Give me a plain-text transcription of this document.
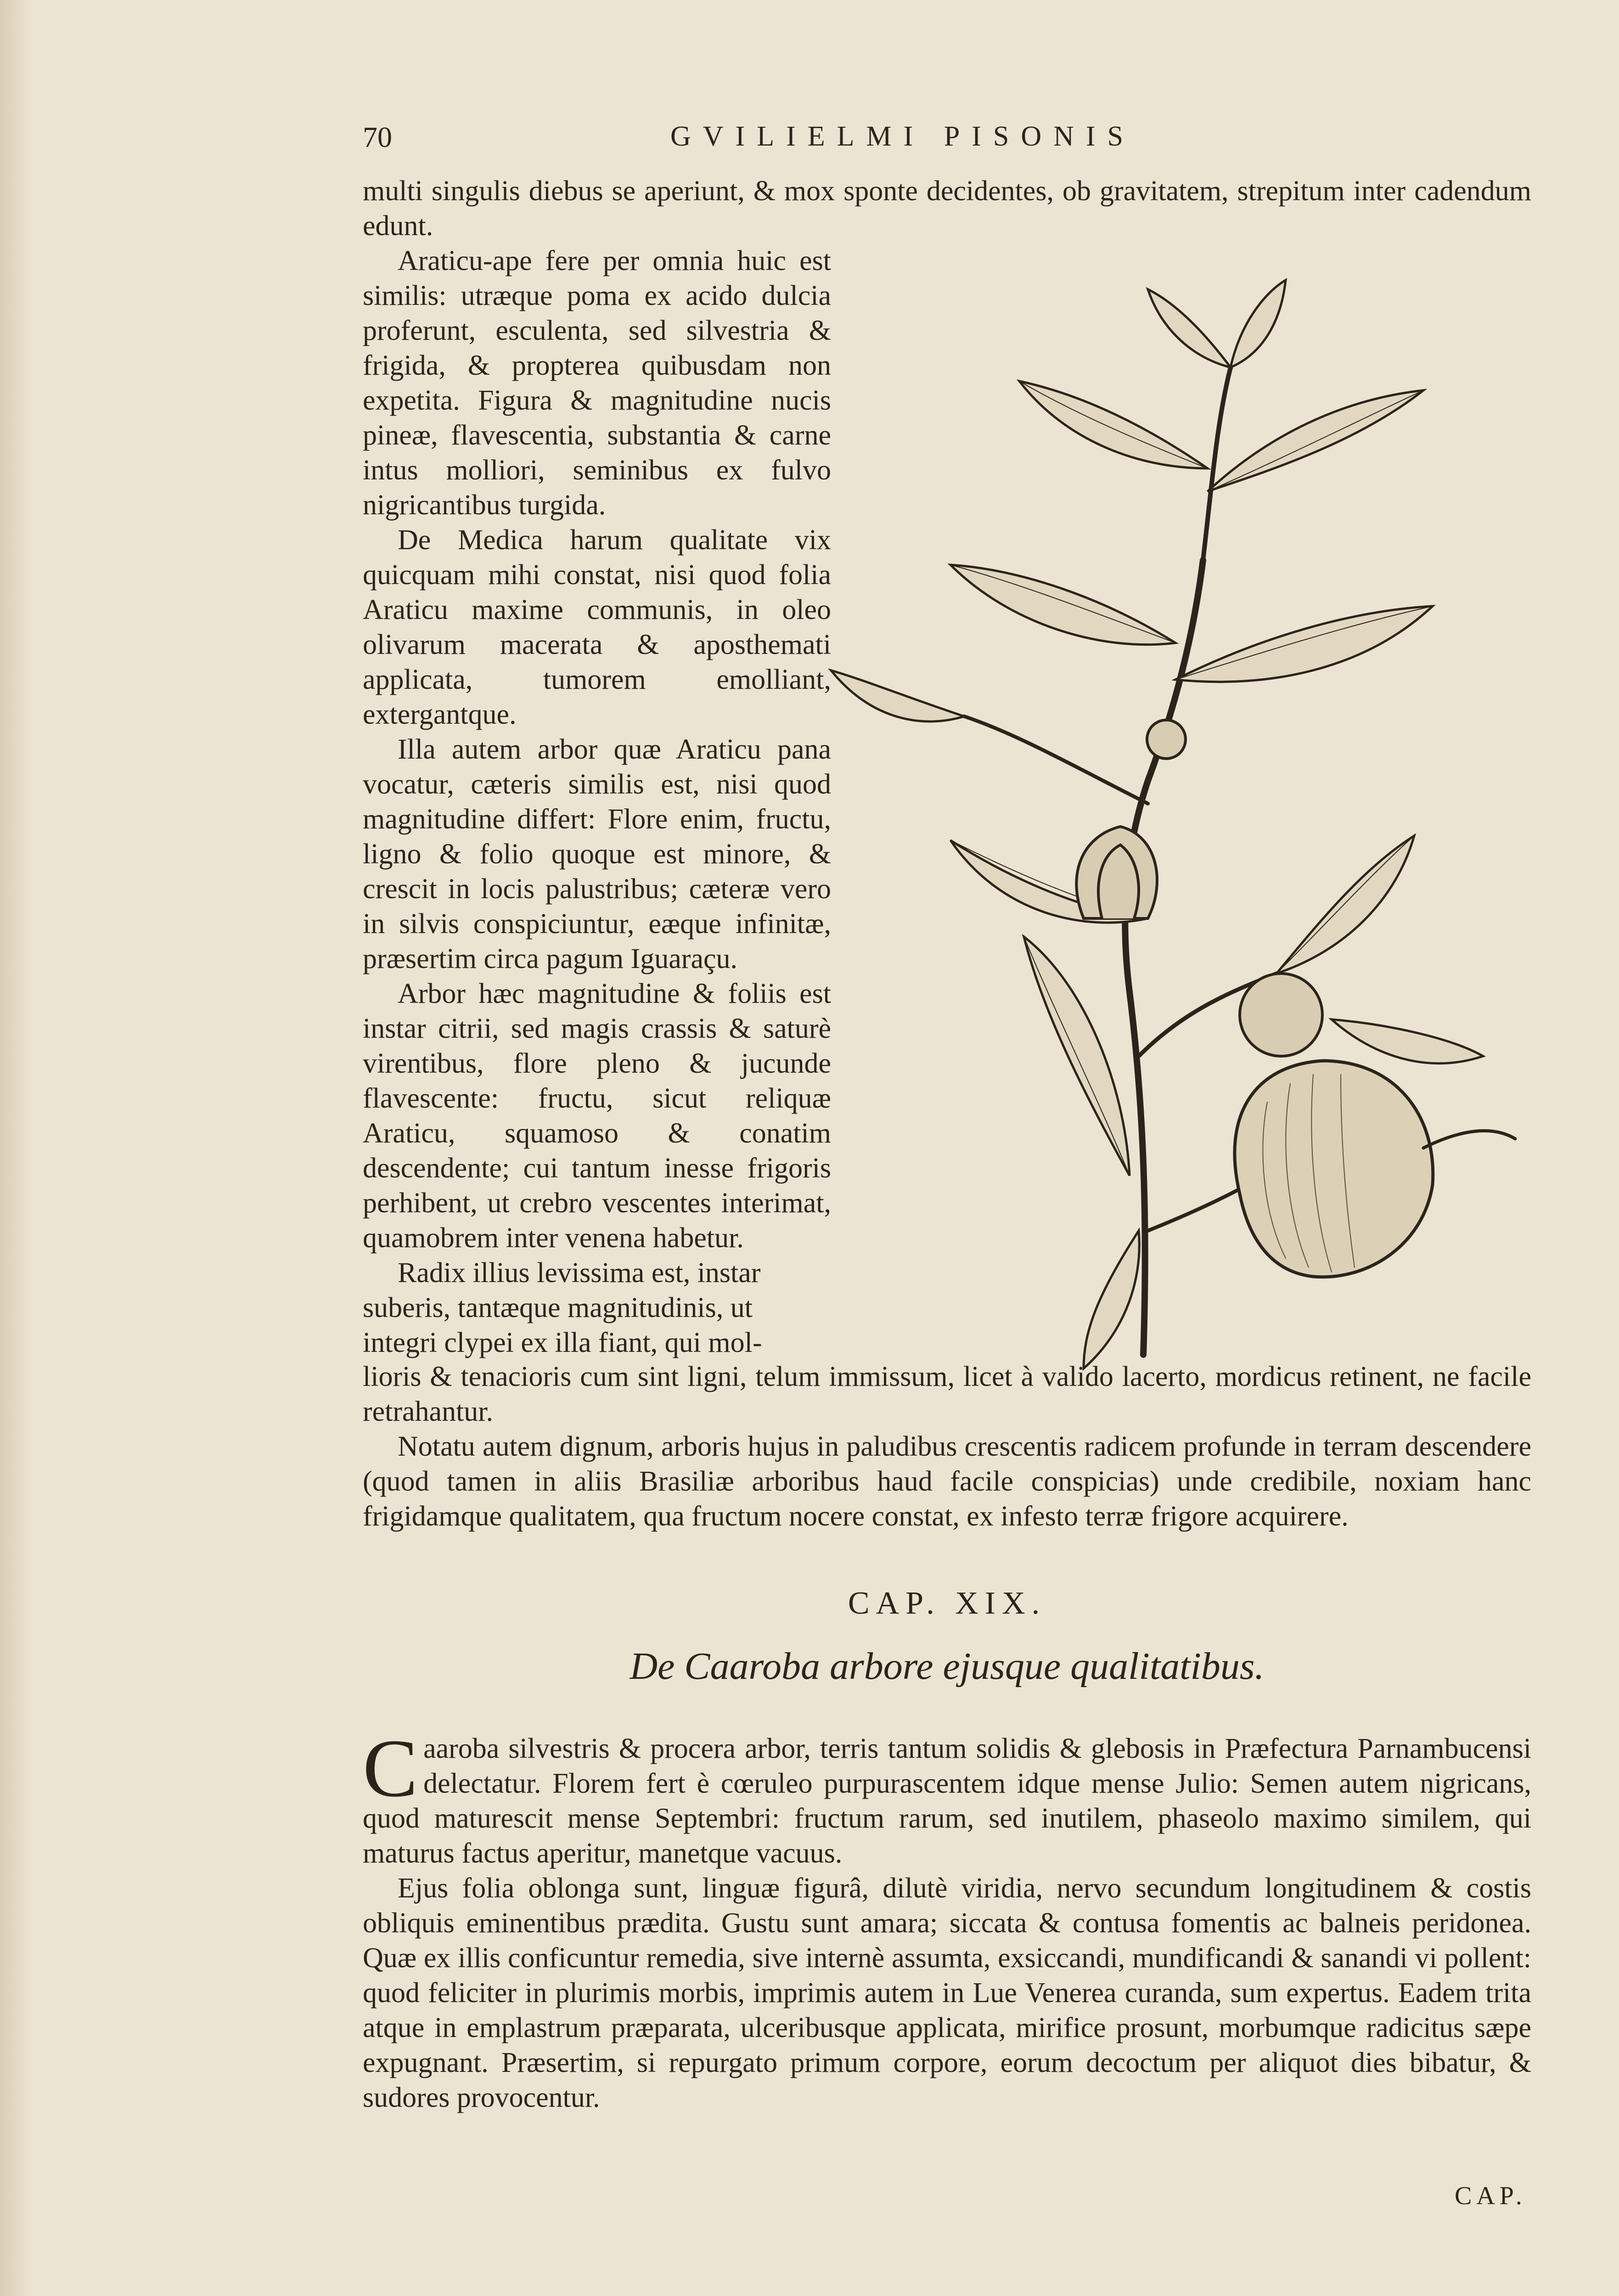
70	GVILIELMI PISONIS

multi singulis diebus se aperiunt, & mox sponte decidentes, ob gravitatem, strepitum inter cadendum edunt.

Araticu-ape fere per omnia huic est similis: utræque poma ex acido dulcia proferunt, esculenta, sed silvestria & frigida, & propterea quibusdam non expetita. Figura & magnitudine nucis pineæ, flavescentia, substantia & carne intus molliori, seminibus ex fulvo nigricantibus turgida.

De Medica harum qualitate vix quicquam mihi constat, nisi quod folia Araticu maxime communis, in oleo olivarum macerata & aposthemati applicata, tumorem emolliant, extergantque.

Illa autem arbor quæ Araticu pana vocatur, cæteris similis est, nisi quod magnitudine differt: Flore enim, fructu, ligno & folio quoque est minore, & crescit in locis palustribus; cæteræ vero in silvis conspiciuntur, eæque infinitæ, præsertim circa pagum Iguaraçu.

Arbor hæc magnitudine & foliis est instar citrii, sed magis crassis & saturè virentibus, flore pleno & jucunde flavescente: fructu, sicut reliquæ Araticu, squamoso & conatim descendente; cui tantum inesse frigoris perhibent, ut crebro vescentes interimat, quamobrem inter venena habetur.

Radix illius levissima est, instar suberis, tantæque magnitudinis, ut integri clypei ex illa fiant, qui mol-

lioris & tenacioris cum sint ligni, telum immissum, licet à valido lacerto, mordicus retinent, ne facile retrahantur.

Notatu autem dignum, arboris hujus in paludibus crescentis radicem profunde in terram descendere (quod tamen in aliis Brasiliæ arboribus haud facile conspicias) unde credibile, noxiam hanc frigidamque qualitatem, qua fructum nocere constat, ex infesto terræ frigore acquirere.

CAP. XIX.
De Caaroba arbore ejusque qualitatibus.

Caaroba silvestris & procera arbor, terris tantum solidis & glebosis in Præfectura Parnambucensi delectatur. Florem fert è cœruleo purpurascentem idque mense Julio: Semen autem nigricans, quod maturescit mense Septembri: fructum rarum, sed inutilem, phaseolo maximo similem, qui maturus factus aperitur, manetque vacuus.

Ejus folia oblonga sunt, linguæ figurâ, dilutè viridia, nervo secundum longitudinem & costis obliquis eminentibus prædita. Gustu sunt amara; siccata & contusa fomentis ac balneis peridonea. Quæ ex illis conficuntur remedia, sive internè assumta, exsiccandi, mundificandi & sanandi vi pollent: quod feliciter in plurimis morbis, imprimis autem in Lue Venerea curanda, sum expertus. Eadem trita atque in emplastrum præparata, ulceribusque applicata, mirifice prosunt, morbumque radicitus sæpe expugnant. Præsertim, si repurgato primum corpore, eorum decoctum per aliquot dies bibatur, & sudores provocentur.

CAP.
